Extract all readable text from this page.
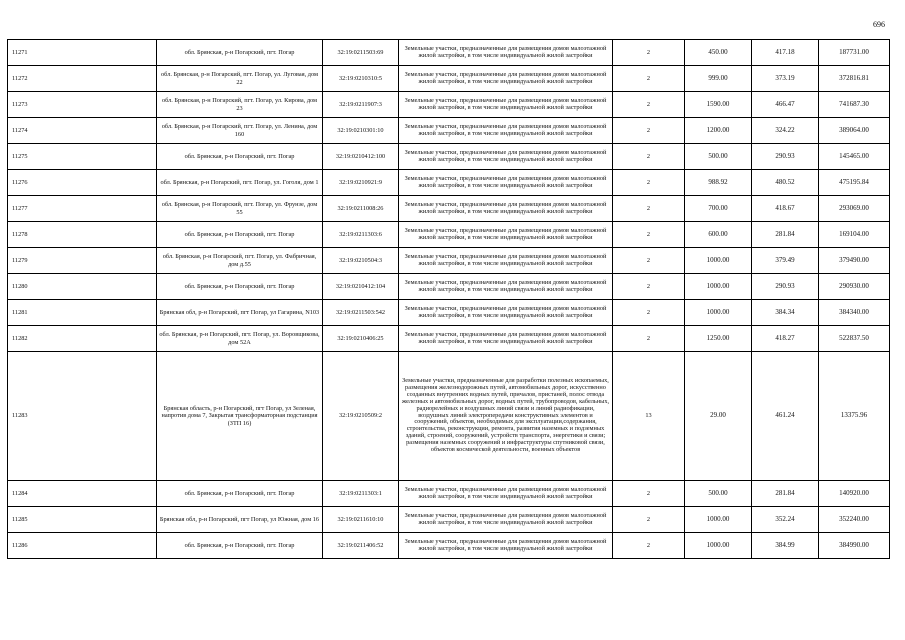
696
11271	обл. Брянская, р-н Погарский, пгт. Погар	32:19:0211503:69	Земельные участки, предназначенные для размещения домов малоэтажной жилой застройки, в том числе индивидуальной жилой застройки	2	450.00	417.18	187731.00
11272	обл. Брянская, р-н Погарский, пгт. Погар, ул. Луговая, дом 22	32:19:0210310:5	Земельные участки, предназначенные для размещения домов малоэтажной жилой застройки, в том числе индивидуальной жилой застройки	2	999.00	373.19	372816.81
11273	обл. Брянская, р-н Погарский, пгт. Погар, ул. Кирова, дом 23	32:19:0211907:3	Земельные участки, предназначенные для размещения домов малоэтажной жилой застройки, в том числе индивидуальной жилой застройки	2	1590.00	466.47	741687.30
11274	обл. Брянская, р-н Погарский, пгт. Погар, ул. Ленина, дом 160	32:19:0210301:10	Земельные участки, предназначенные для размещения домов малоэтажной жилой застройки, в том числе индивидуальной жилой застройки	2	1200.00	324.22	389064.00
11275	обл. Брянская, р-н Погарский, пгт. Погар	32:19:0210412:100	Земельные участки, предназначенные для размещения домов малоэтажной жилой застройки, в том числе индивидуальной жилой застройки	2	500.00	290.93	145465.00
11276	обл. Брянская, р-н Погарский, пгт. Погар, ул. Гоголя, дом 1	32:19:0210921:9	Земельные участки, предназначенные для размещения домов малоэтажной жилой застройки, в том числе индивидуальной жилой застройки	2	988.92	480.52	475195.84
11277	обл. Брянская, р-н Погарский, пгт. Погар, ул. Фрунзе, дом 55	32:19:0211008:26	Земельные участки, предназначенные для размещения домов малоэтажной жилой застройки, в том числе индивидуальной жилой застройки	2	700.00	418.67	293069.00
11278	обл. Брянская, р-н Погарский, пгт. Погар	32:19:0211303:6	Земельные участки, предназначенные для размещения домов малоэтажной жилой застройки, в том числе индивидуальной жилой застройки	2	600.00	281.84	169104.00
11279	обл. Брянская, р-н Погарский, пгт. Погар, ул. Фабричная, дом д.55	32:19:0210504:3	Земельные участки, предназначенные для размещения домов малоэтажной жилой застройки, в том числе индивидуальной жилой застройки	2	1000.00	379.49	379490.00
11280	обл. Брянская, р-н Погарский, пгт. Погар	32:19:0210412:104	Земельные участки, предназначенные для размещения домов малоэтажной жилой застройки, в том числе индивидуальной жилой застройки	2	1000.00	290.93	290930.00
11281	Брянская обл, р-н Погарский, пгт Погар, ул Гагарина, N103	32:19:0211503:542	Земельные участки, предназначенные для размещения домов малоэтажной жилой застройки, в том числе индивидуальной жилой застройки	2	1000.00	384.34	384340.00
11282	обл. Брянская, р-н Погарский, пгт. Погар, ул. Воровщикова, дом 52А	32:19:0210406:25	Земельные участки, предназначенные для размещения домов малоэтажной жилой застройки, в том числе индивидуальной жилой застройки	2	1250.00	418.27	522837.50
11283	Брянская область, р-н Погарский, пгт Погар, ул Зеленая, напротив дома 7, Закрытая трансформаторная подстанция (ЗТП 16)	32:19:0210509:2	Земельные участки, предназначенные для разработки полезных ископаемых, размещения железнодорожных путей, автомобильных дорог, искусственно созданных внутренних водных путей, причалов, пристаней, полос отвода железных и автомобильных дорог, водных путей, трубопроводов, кабельных, радиорелейных и воздушных линий связи и линий радиофикации, воздушных линий электропередачи конструктивных элементов и сооружений, объектов, необходимых для эксплуатации,содержания, строительства, реконструкции, ремонта, развития наземных и подземных зданий, строений, сооружений, устройств транспорта, энергетики и связи; размещения наземных сооружений и инфраструктуры спутниковой связи, объектов космической деятельности, военных объектов	13	29.00	461.24	13375.96
11284	обл. Брянская, р-н Погарский, пгт. Погар	32:19:0211303:1	Земельные участки, предназначенные для размещения домов малоэтажной жилой застройки, в том числе индивидуальной жилой застройки	2	500.00	281.84	140920.00
11285	Брянская обл, р-н Погарский, пгт Погар, ул Южная, дом 16	32:19:0211610:10	Земельные участки, предназначенные для размещения домов малоэтажной жилой застройки, в том числе индивидуальной жилой застройки	2	1000.00	352.24	352240.00
11286	обл. Брянская, р-н Погарский, пгт. Погар	32:19:0211406:52	Земельные участки, предназначенные для размещения домов малоэтажной жилой застройки, в том числе индивидуальной жилой застройки	2	1000.00	384.99	384990.00
